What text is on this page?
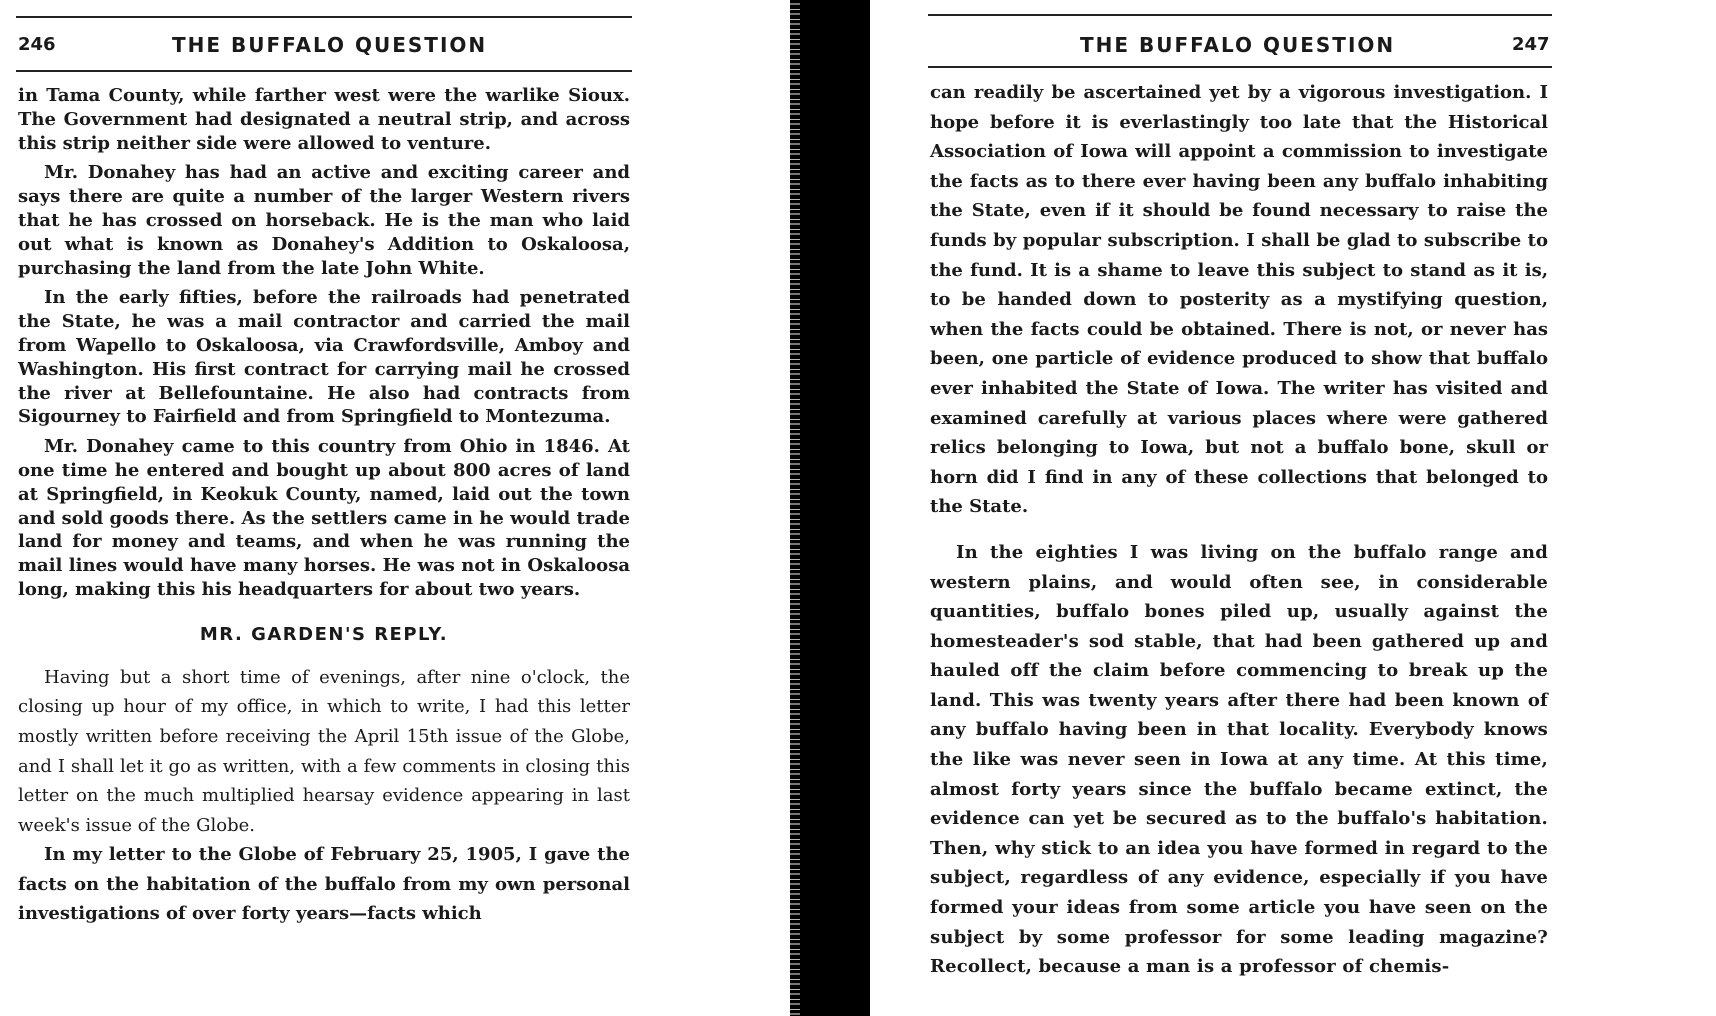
246	THE BUFFALO QUESTION

in Tama County, while farther west were the warlike Sioux. The Government had designated a neutral strip, and across this strip neither side were allowed to venture.

Mr. Donahey has had an active and exciting career and says there are quite a number of the larger Western rivers that he has crossed on horseback. He is the man who laid out what is known as Donahey's Addition to Oskaloosa, purchasing the land from the late John White.

In the early fifties, before the railroads had penetrated the State, he was a mail contractor and carried the mail from Wapello to Oskaloosa, via Crawfordsville, Amboy and Washington. His first contract for carrying mail he crossed the river at Bellefountaine. He also had contracts from Sigourney to Fairfield and from Springfield to Montezuma.

Mr. Donahey came to this country from Ohio in 1846. At one time he entered and bought up about 800 acres of land at Springfield, in Keokuk County, named, laid out the town and sold goods there. As the settlers came in he would trade land for money and teams, and when he was running the mail lines would have many horses. He was not in Oskaloosa long, making this his headquarters for about two years.

MR. GARDEN'S REPLY.

Having but a short time of evenings, after nine o'clock, the closing up hour of my office, in which to write, I had this letter mostly written before receiving the April 15th issue of the Globe, and I shall let it go as written, with a few comments in closing this letter on the much multiplied hearsay evidence appearing in last week's issue of the Globe.

In my letter to the Globe of February 25, 1905, I gave the facts on the habitation of the buffalo from my own personal investigations of over forty years—facts which

THE BUFFALO QUESTION	247

can readily be ascertained yet by a vigorous investigation. I hope before it is everlastingly too late that the Historical Association of Iowa will appoint a commission to investigate the facts as to there ever having been any buffalo inhabiting the State, even if it should be found necessary to raise the funds by popular subscription. I shall be glad to subscribe to the fund. It is a shame to leave this subject to stand as it is, to be handed down to posterity as a mystifying question, when the facts could be obtained. There is not, or never has been, one particle of evidence produced to show that buffalo ever inhabited the State of Iowa. The writer has visited and examined carefully at various places where were gathered relics belonging to Iowa, but not a buffalo bone, skull or horn did I find in any of these collections that belonged to the State.

In the eighties I was living on the buffalo range and western plains, and would often see, in considerable quantities, buffalo bones piled up, usually against the homesteader's sod stable, that had been gathered up and hauled off the claim before commencing to break up the land. This was twenty years after there had been known of any buffalo having been in that locality. Everybody knows the like was never seen in Iowa at any time. At this time, almost forty years since the buffalo became extinct, the evidence can yet be secured as to the buffalo's habitation. Then, why stick to an idea you have formed in regard to the subject, regardless of any evidence, especially if you have formed your ideas from some article you have seen on the subject by some professor for some leading magazine? Recollect, because a man is a professor of chemis-
